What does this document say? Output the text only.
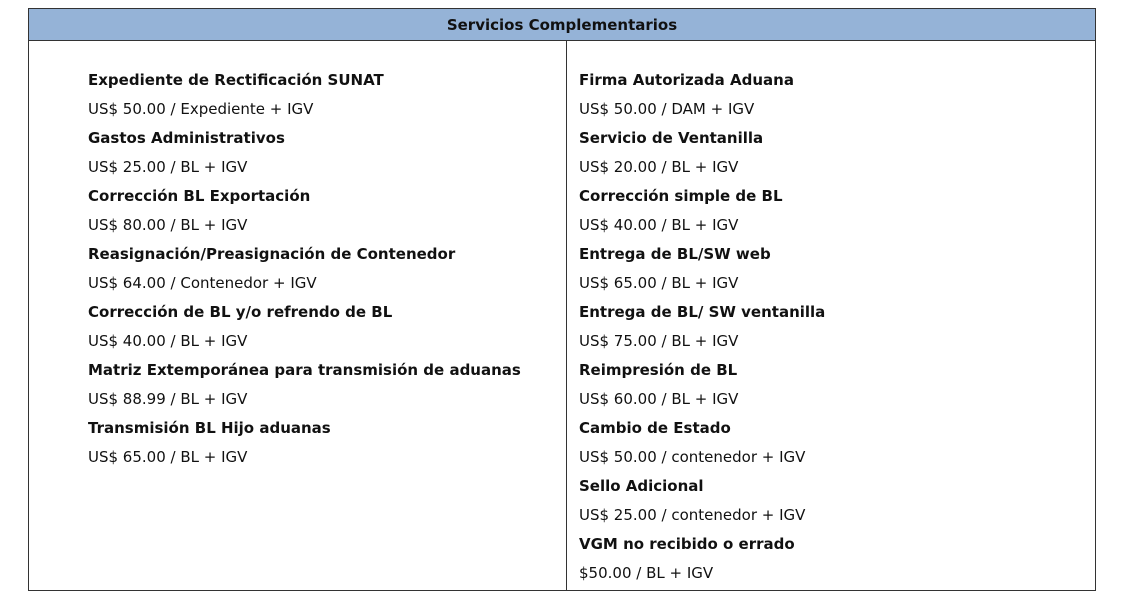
Servicios Complementarios
Expediente de Rectificación SUNAT
US$ 50.00 / Expediente + IGV
Gastos Administrativos
US$ 25.00 / BL + IGV
Corrección BL Exportación
US$ 80.00 / BL + IGV
Reasignación/Preasignación de Contenedor
US$ 64.00 / Contenedor + IGV
Corrección de BL y/o refrendo de BL
US$ 40.00 / BL + IGV
Matriz Extemporánea para transmisión de aduanas
US$ 88.99 / BL + IGV
Transmisión BL Hijo aduanas
US$ 65.00 / BL + IGV
Firma Autorizada Aduana
US$ 50.00 / DAM + IGV
Servicio de Ventanilla
US$ 20.00 / BL + IGV
Corrección simple de BL
US$ 40.00 / BL + IGV
Entrega de BL/SW web
US$ 65.00 / BL + IGV
Entrega de BL/ SW ventanilla
US$ 75.00 / BL + IGV
Reimpresión de BL
US$ 60.00 / BL + IGV
Cambio de Estado
US$ 50.00 / contenedor + IGV
Sello Adicional
US$ 25.00 / contenedor + IGV
VGM no recibido o errado
$50.00 / BL + IGV
